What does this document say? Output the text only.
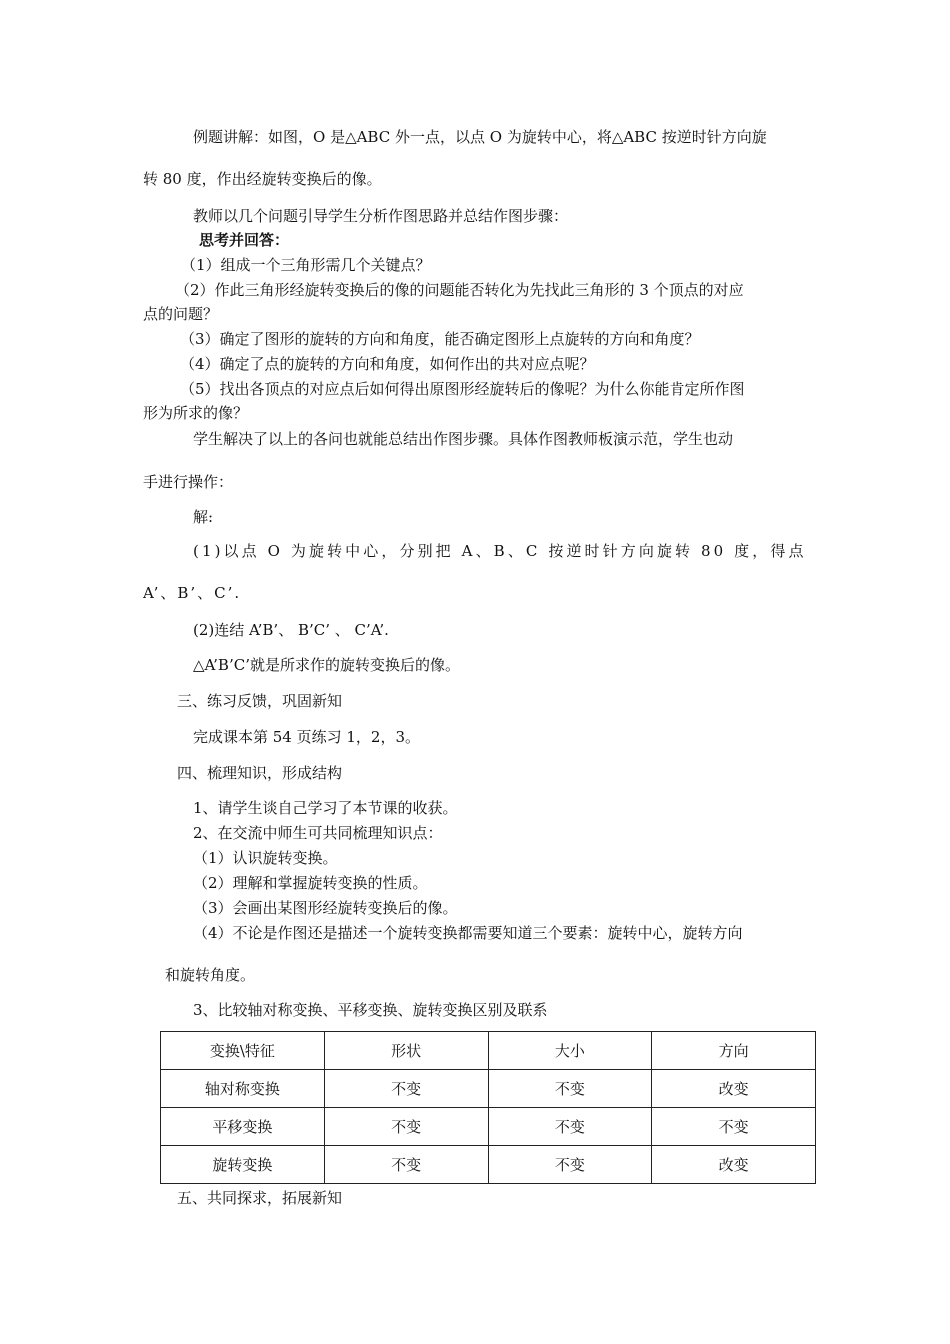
例题讲解：如图，O 是△ABC 外一点，以点 O 为旋转中心，将△ABC 按逆时针方向旋
转 80 度，作出经旋转变换后的像。
教师以几个问题引导学生分析作图思路并总结作图步骤：
思考并回答：
（1）组成一个三角形需几个关键点？
（2）作此三角形经旋转变换后的像的问题能否转化为先找此三角形的 3 个顶点的对应
点的问题？
（3）确定了图形的旋转的方向和角度，能否确定图形上点旋转的方向和角度？
（4）确定了点的旋转的方向和角度，如何作出的共对应点呢？
（5）找出各顶点的对应点后如何得出原图形经旋转后的像呢？为什么你能肯定所作图
形为所求的像？
学生解决了以上的各问也就能总结出作图步骤。具体作图教师板演示范，学生也动
手进行操作：
解:
(1)以点 O 为旋转中心，分别把 A、B、C 按逆时针方向旋转 80 度，得点
A’、B’、C’.
(2)连结 A’B’、 B’C’ 、 C’A’.
△A’B’C’就是所求作的旋转变换后的像。
三、练习反馈，巩固新知
完成课本第 54 页练习 1，2，3。
四、梳理知识，形成结构
1、请学生谈自己学习了本节课的收获。
2、在交流中师生可共同梳理知识点：
（1）认识旋转变换。
（2）理解和掌握旋转变换的性质。
（3）会画出某图形经旋转变换后的像。
（4）不论是作图还是描述一个旋转变换都需要知道三个要素：旋转中心，旋转方向
和旋转角度。
3、比较轴对称变换、平移变换、旋转变换区别及联系
变换\特征	形状	大小	方向
轴对称变换	不变	不变	改变
平移变换	不变	不变	不变
旋转变换	不变	不变	改变
五、共同探求，拓展新知
